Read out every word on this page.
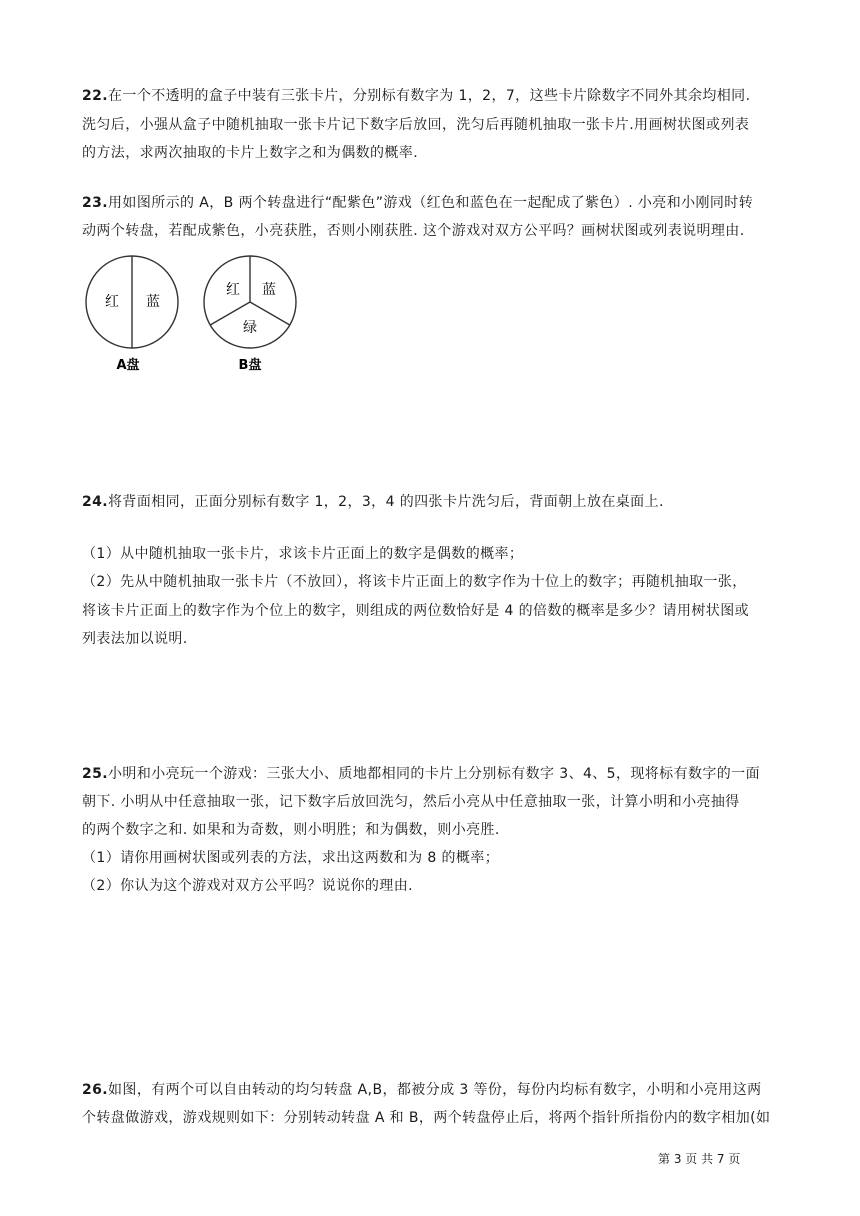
22.在一个不透明的盒子中装有三张卡片，分别标有数字为 1，2，7，这些卡片除数字不同外其余均相同.

洗匀后，小强从盒子中随机抽取一张卡片记下数字后放回，洗匀后再随机抽取一张卡片.用画树状图或列表

的方法，求两次抽取的卡片上数字之和为偶数的概率.

23.用如图所示的 A，B 两个转盘进行“配紫色”游戏（红色和蓝色在一起配成了紫色）. 小亮和小刚同时转

动两个转盘，若配成紫色，小亮获胜，否则小刚获胜. 这个游戏对双方公平吗？画树状图或列表说明理由.

红 蓝
A盘
红 蓝
绿
B盘

24.将背面相同，正面分别标有数字 1，2，3，4 的四张卡片洗匀后，背面朝上放在桌面上.

（1）从中随机抽取一张卡片，求该卡片正面上的数字是偶数的概率；

（2）先从中随机抽取一张卡片（不放回），将该卡片正面上的数字作为十位上的数字；再随机抽取一张，

将该卡片正面上的数字作为个位上的数字，则组成的两位数恰好是 4 的倍数的概率是多少？请用树状图或

列表法加以说明.

25.小明和小亮玩一个游戏：三张大小、质地都相同的卡片上分别标有数字 3、4、5，现将标有数字的一面

朝下. 小明从中任意抽取一张，记下数字后放回洗匀，然后小亮从中任意抽取一张，计算小明和小亮抽得

的两个数字之和. 如果和为奇数，则小明胜；和为偶数，则小亮胜.

（1）请你用画树状图或列表的方法，求出这两数和为 8 的概率；

（2）你认为这个游戏对双方公平吗？说说你的理由.

26.如图，有两个可以自由转动的均匀转盘 A,B，都被分成 3 等份，每份内均标有数字，小明和小亮用这两

个转盘做游戏，游戏规则如下：分别转动转盘 A 和 B，两个转盘停止后，将两个指针所指份内的数字相加(如

第 3 页 共 7 页
